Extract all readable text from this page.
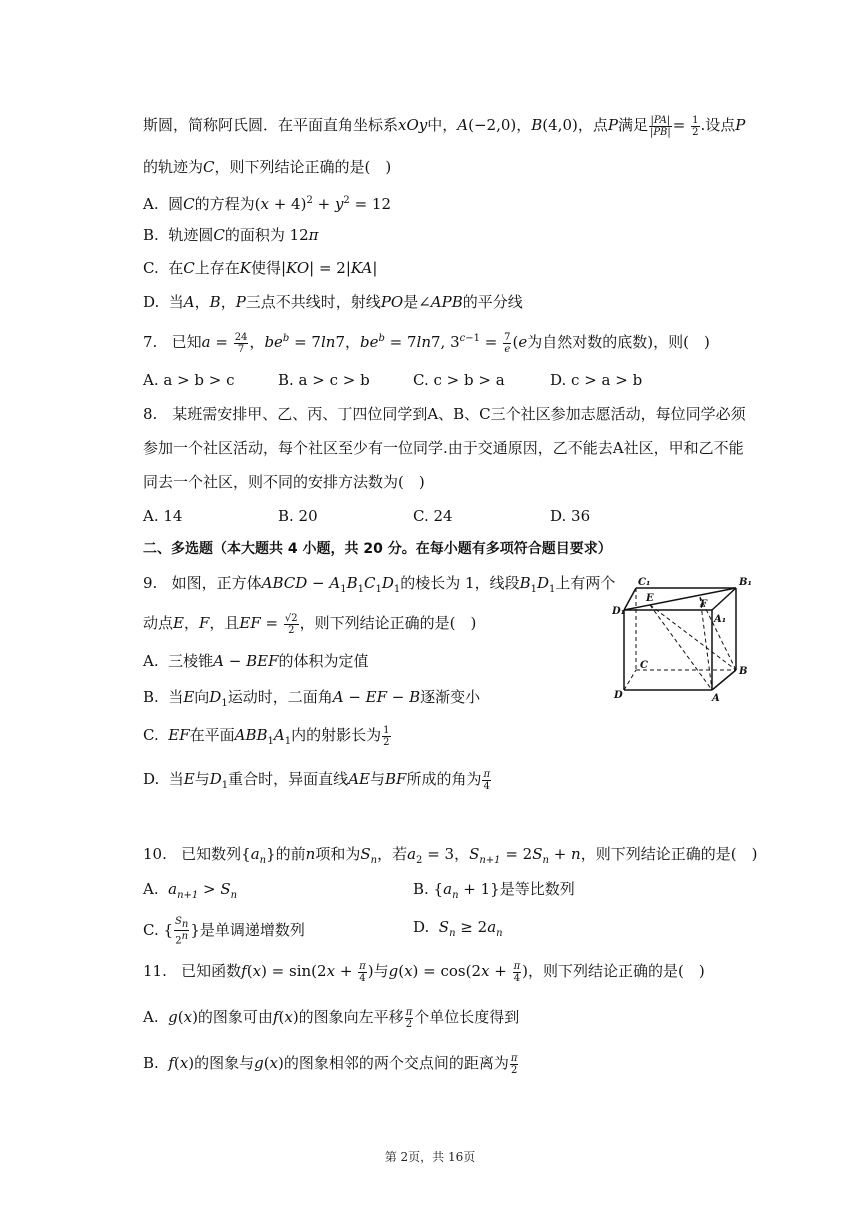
斯圆，简称阿氏圆．在平面直角坐标系xOy中，A(−2,0)，B(4,0)，点P满足 $\frac{|PA|}{|PB|} = \frac{1}{2}$ .设点P
的轨迹为C，则下列结论正确的是(　)
A.  圆C的方程为$(x + 4)^2 + y^2 = 12$
B.  轨迹圆C的面积为 12π
C.  在C上存在K使得|KO| = 2|KA|
D.  当A，B，P三点不共线时，射线PO是∠APB的平分线
7.   已知$a = \frac{24}{7}$ ，$be^b = 7\ln 7$，$be^b = 7\ln 7$, $3^{c-1} = \frac{7}{e} (e$为自然对数的底数)，则(　)
A. a > b > c	B. a > c > b	C. c > b > a	D. c > a > b
8.　某班需安排甲、乙、丙、丁四位同学到A、B、C三个社区参加志愿活动，每位同学必须
参加一个社区活动，每个社区至少有一位同学.由于交通原因，乙不能去A社区，甲和乙不能
同去一个社区，则不同的安排方法数为(　)
A. 14	B. 20	C. 24	D. 36
二、多选题（本大题共 4 小题，共 20 分。在每小题有多项符合题目要求）
9.   如图，正方体ABCD − $A_1B_1C_1D_1$的棱长为 1，线段$B_1D_1$上有两个
动点E，F，且EF = $\frac{√2}{2}$ ，则下列结论正确的是(　)
A.  三棱锥A − BEF的体积为定值
B.  当E向$D_1$运动时，二面角A − EF − B逐渐变小
C.  EF在平面$ABB_1A_1$内的射影长为 $\frac{1}{2}$
D.  当E与$D_1$重合时，异面直线AE与BF所成的角为 $\frac{\pi}{4}$
C₁	B₁
D₁
E
F
A₁
C
B
D	A
10.   已知数列$\{a_n\}$的前n项和为$S_n$，若$a_2 = 3$，$S_{n+1} = 2S_n + n$，则下列结论正确的是(　)
A.  $a_{n+1} > S_n$	B. $\{a_n + 1\}$是等比数列
C. { $\frac{S_n}{2^n}$ }是单调递增数列	D.  $S_n \ge 2a_n$
11.   已知函数$f(x) = \sin(2x + \frac{\pi}{4}$ )与$g(x) = \cos(2x + \frac{\pi}{4}$ )，则下列结论正确的是(　)
A.  g(x)的图象可由f(x)的图象向左平移 $\frac{\pi}{2}$ 个单位长度得到
B.  f(x)的图象与g(x)的图象相邻的两个交点间的距离为 $\frac{\pi}{2}$
第 2页，共 16页
